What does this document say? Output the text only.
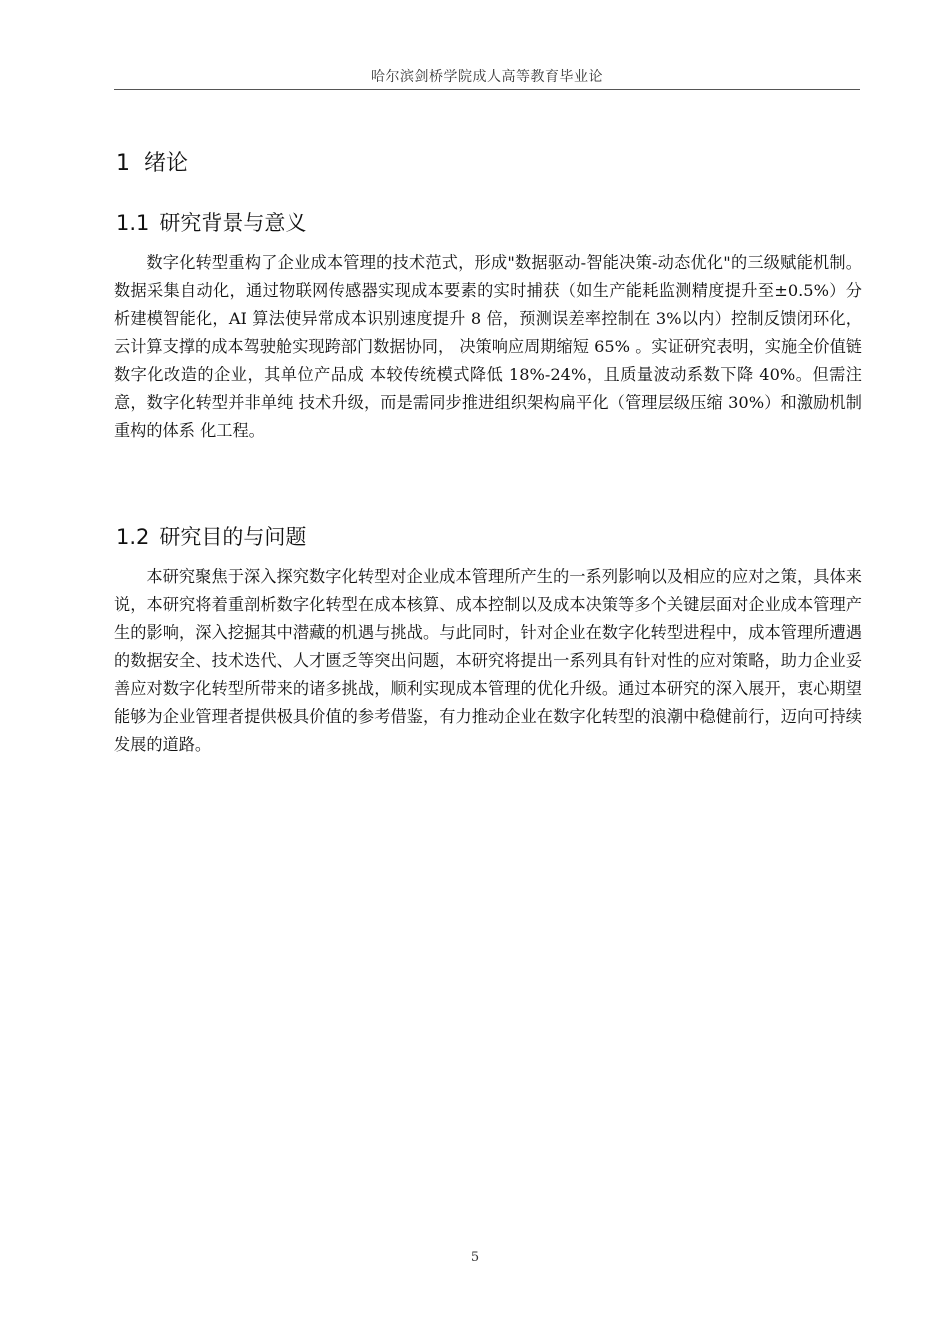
哈尔滨剑桥学院成人高等教育毕业论
1 绪论
1.1 研究背景与意义

数字化转型重构了企业成本管理的技术范式，形成"数据驱动-智能决策-动态优化"的三级赋能机制。数据采集自动化，通过物联网传感器实现成本要素的实时捕获（如生产能耗监测精度提升至±0.5%）分析建模智能化，AI 算法使异常成本识别速度提升 8 倍，预测误差率控制在 3%以内）控制反馈闭环化，云计算支撑的成本驾驶舱实现跨部门数据协同， 决策响应周期缩短 65% 。实证研究表明，实施全价值链数字化改造的企业，其单位产品成 本较传统模式降低 18%-24%，且质量波动系数下降 40%。但需注意，数字化转型并非单纯 技术升级，而是需同步推进组织架构扁平化（管理层级压缩 30%）和激励机制重构的体系 化工程。

1.2 研究目的与问题

本研究聚焦于深入探究数字化转型对企业成本管理所产生的一系列影响以及相应的应对之策，具体来说，本研究将着重剖析数字化转型在成本核算、成本控制以及成本决策等多个关键层面对企业成本管理产生的影响，深入挖掘其中潜藏的机遇与挑战。与此同时，针对企业在数字化转型进程中，成本管理所遭遇的数据安全、技术迭代、人才匮乏等突出问题，本研究将提出一系列具有针对性的应对策略，助力企业妥善应对数字化转型所带来的诸多挑战，顺利实现成本管理的优化升级。通过本研究的深入展开，衷心期望能够为企业管理者提供极具价值的参考借鉴，有力推动企业在数字化转型的浪潮中稳健前行，迈向可持续发展的道路。

5
